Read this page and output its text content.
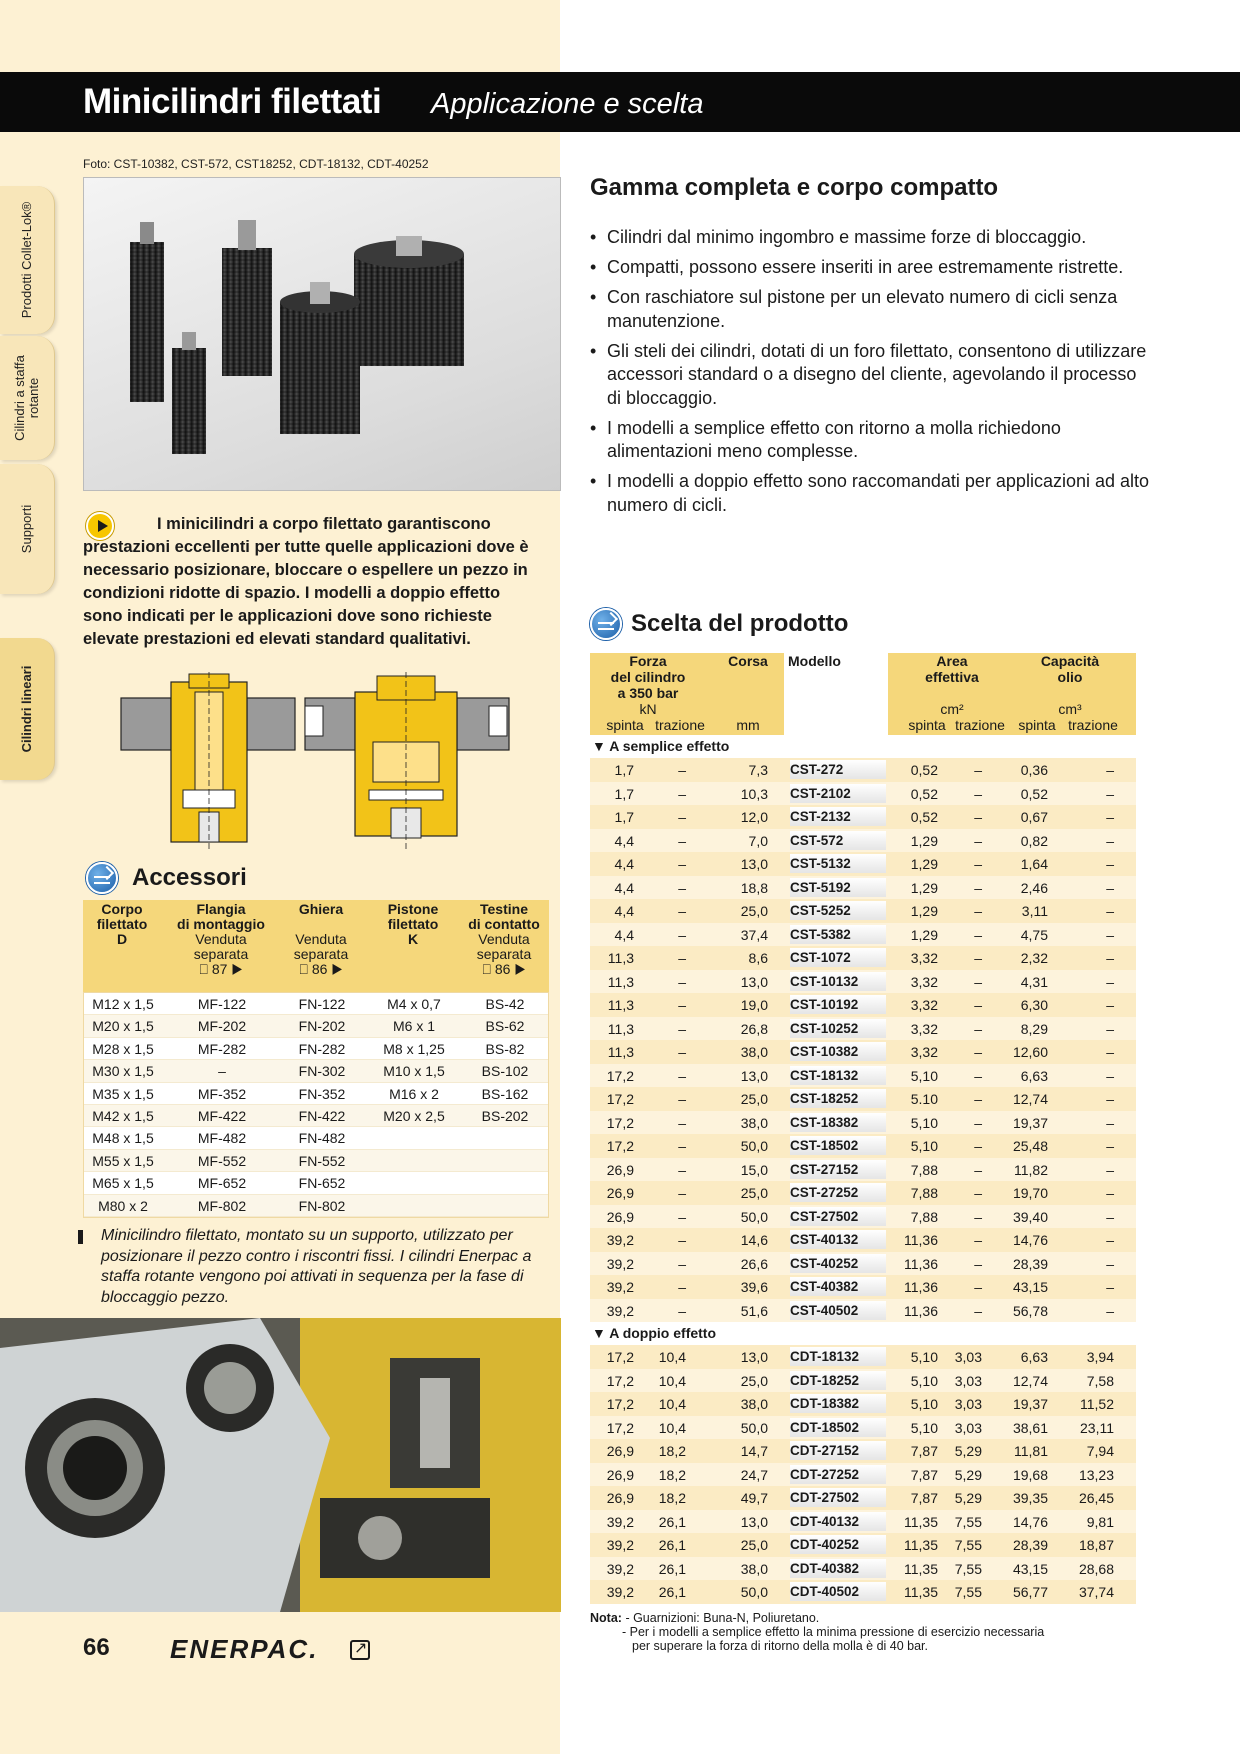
Prodotti Collet-Lok®
Cilindri a staffa rotante
Supporti
Cilindri lineari
Minicilindri filettati Applicazione e scelta
Foto: CST-10382, CST-572, CST18252, CDT-18132, CDT-40252
I minicilindri a corpo filettato garantiscono prestazioni eccellenti per tutte quelle applicazioni dove è necessario posizionare, bloccare o espellere un pezzo in condizioni ridotte di spazio. I modelli a doppio effetto sono indicati per le applicazioni dove sono richieste elevate prestazioni ed elevati standard qualitativi.
Accessori
Corpo
filettato
D
Flangia
di montaggio
Venduta separata
⎕ 87 ▶
Ghiera
Venduta separata
⎕ 86 ▶
Pistone
filettato
K
Testine
di contatto
Venduta separata
⎕ 86 ▶
M12 x 1,5	MF-122	FN-122	M4 x 0,7	BS-42
M20 x 1,5	MF-202	FN-202	M6 x 1	BS-62
M28 x 1,5	MF-282	FN-282	M8 x 1,25	BS-82
M30 x 1,5	–	FN-302	M10 x 1,5	BS-102
M35 x 1,5	MF-352	FN-352	M16 x 2	BS-162
M42 x 1,5	MF-422	FN-422	M20 x 2,5	BS-202
M48 x 1,5	MF-482	FN-482
M55 x 1,5	MF-552	FN-552
M65 x 1,5	MF-652	FN-652
M80 x 2	MF-802	FN-802
Minicilindro filettato, montato su un supporto, utilizzato per posizionare il pezzo contro i riscontri fissi. I cilindri Enerpac a staffa rotante vengono poi attivati in sequenza per la fase di bloccaggio pezzo.
66 ENERPAC.
↗
Gamma completa e corpo compatto
• Cilindri dal minimo ingombro e massime forze di bloccaggio.
• Compatti, possono essere inseriti in aree estremamente ristrette.
• Con raschiatore sul pistone per un elevato numero di cicli senza manutenzione.
• Gli steli dei cilindri, dotati di un foro filettato, consentono di utilizzare accessori standard o a disegno del cliente, agevolando il processo di bloccaggio.
• I modelli a semplice effetto con ritorno a molla richiedono alimentazioni meno complesse.
• I modelli a doppio effetto sono raccomandati per applicazioni ad alto numero di cicli.
Scelta del prodotto
Forza
del cilindro
a 350 bar
kN
Corsa
mm
Modello	Area
effettiva
cm²
Capacità
olio
cm³
spinta trazione	spinta trazione spinta trazione
▼ A semplice effetto
1,7	–	7,3 CST-272	0,52	–	0,36	–
1,7	–	10,3 CST-2102	0,52	–	0,52	–
1,7	–	12,0 CST-2132	0,52	–	0,67	–
4,4	–	7,0 CST-572	1,29	–	0,82	–
4,4	–	13,0 CST-5132	1,29	–	1,64	–
4,4	–	18,8 CST-5192	1,29	–	2,46	–
4,4	–	25,0 CST-5252	1,29	–	3,11	–
4,4	–	37,4 CST-5382	1,29	–	4,75	–
11,3	–	8,6 CST-1072	3,32	–	2,32	–
11,3	–	13,0 CST-10132	3,32	–	4,31	–
11,3	–	19,0 CST-10192	3,32	–	6,30	–
11,3	–	26,8 CST-10252	3,32	–	8,29	–
11,3	–	38,0 CST-10382	3,32	–	12,60	–
17,2	–	13,0 CST-18132	5,10	–	6,63	–
17,2	–	25,0 CST-18252	5.10	–	12,74	–
17,2	–	38,0 CST-18382	5,10	–	19,37	–
17,2	–	50,0 CST-18502	5,10	–	25,48	–
26,9	–	15,0 CST-27152	7,88	–	11,82	–
26,9	–	25,0 CST-27252	7,88	–	19,70	–
26,9	–	50,0 CST-27502	7,88	–	39,40	–
39,2	–	14,6 CST-40132	11,36	–	14,76	–
39,2	–	26,6 CST-40252	11,36	–	28,39	–
39,2	–	39,6 CST-40382	11,36	–	43,15	–
39,2	–	51,6 CST-40502	11,36	–	56,78	–
▼ A doppio effetto
17,2	10,4	13,0 CDT-18132	5,10 3,03	6,63	3,94
17,2	10,4	25,0 CDT-18252	5,10 3,03	12,74	7,58
17,2	10,4	38,0 CDT-18382	5,10 3,03	19,37	11,52
17,2	10,4	50,0 CDT-18502	5,10 3,03	38,61	23,11
26,9	18,2	14,7 CDT-27152	7,87 5,29	11,81	7,94
26,9	18,2	24,7 CDT-27252	7,87 5,29	19,68	13,23
26,9	18,2	49,7 CDT-27502	7,87 5,29	39,35	26,45
39,2	26,1	13,0 CDT-40132	11,35 7,55	14,76	9,81
39,2	26,1	25,0 CDT-40252	11,35 7,55	28,39	18,87
39,2	26,1	38,0 CDT-40382	11,35 7,55	43,15	28,68
39,2	26,1	50,0 CDT-40502	11,35 7,55	56,77	37,74
Nota: - Guarnizioni: Buna-N, Poliuretano.
- Per i modelli a semplice effetto la minima pressione di esercizio necessaria
per superare la forza di ritorno della molla è di 40 bar.
